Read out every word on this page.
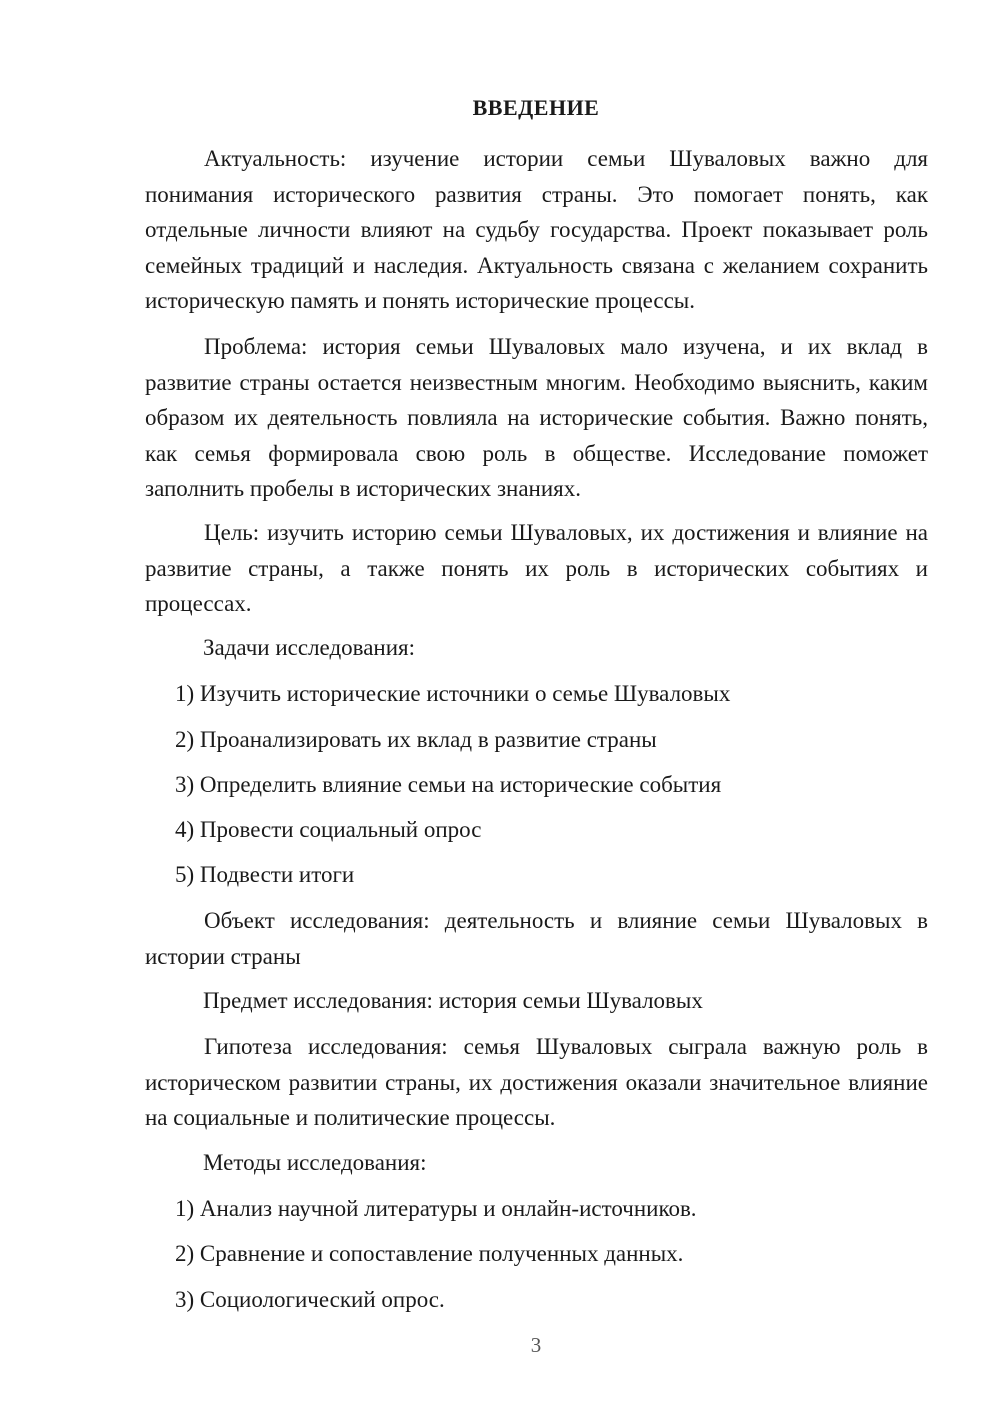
ВВЕДЕНИЕ

Актуальность: изучение истории семьи Шуваловых важно для понимания исторического развития страны. Это помогает понять, как отдельные личности влияют на судьбу государства. Проект показывает роль семейных традиций и наследия. Актуальность связана с желанием сохранить историческую память и понять исторические процессы.

Проблема: история семьи Шуваловых мало изучена, и их вклад в развитие страны остается неизвестным многим. Необходимо выяснить, каким образом их деятельность повлияла на исторические события. Важно понять, как семья формировала свою роль в обществе. Исследование поможет заполнить пробелы в исторических знаниях.

Цель: изучить историю семьи Шуваловых, их достижения и влияние на развитие страны, а также понять их роль в исторических событиях и процессах.

Задачи исследования:

1) Изучить исторические источники о семье Шуваловых

2) Проанализировать их вклад в развитие страны

3) Определить влияние семьи на исторические события

4) Провести социальный опрос

5) Подвести итоги

Объект исследования: деятельность и влияние семьи Шуваловых в истории страны

Предмет исследования: история семьи Шуваловых

Гипотеза исследования: семья Шуваловых сыграла важную роль в историческом развитии страны, их достижения оказали значительное влияние на социальные и политические процессы.

Методы исследования:

1) Анализ научной литературы и онлайн-источников.

2) Сравнение и сопоставление полученных данных.

3) Социологический опрос.

3
